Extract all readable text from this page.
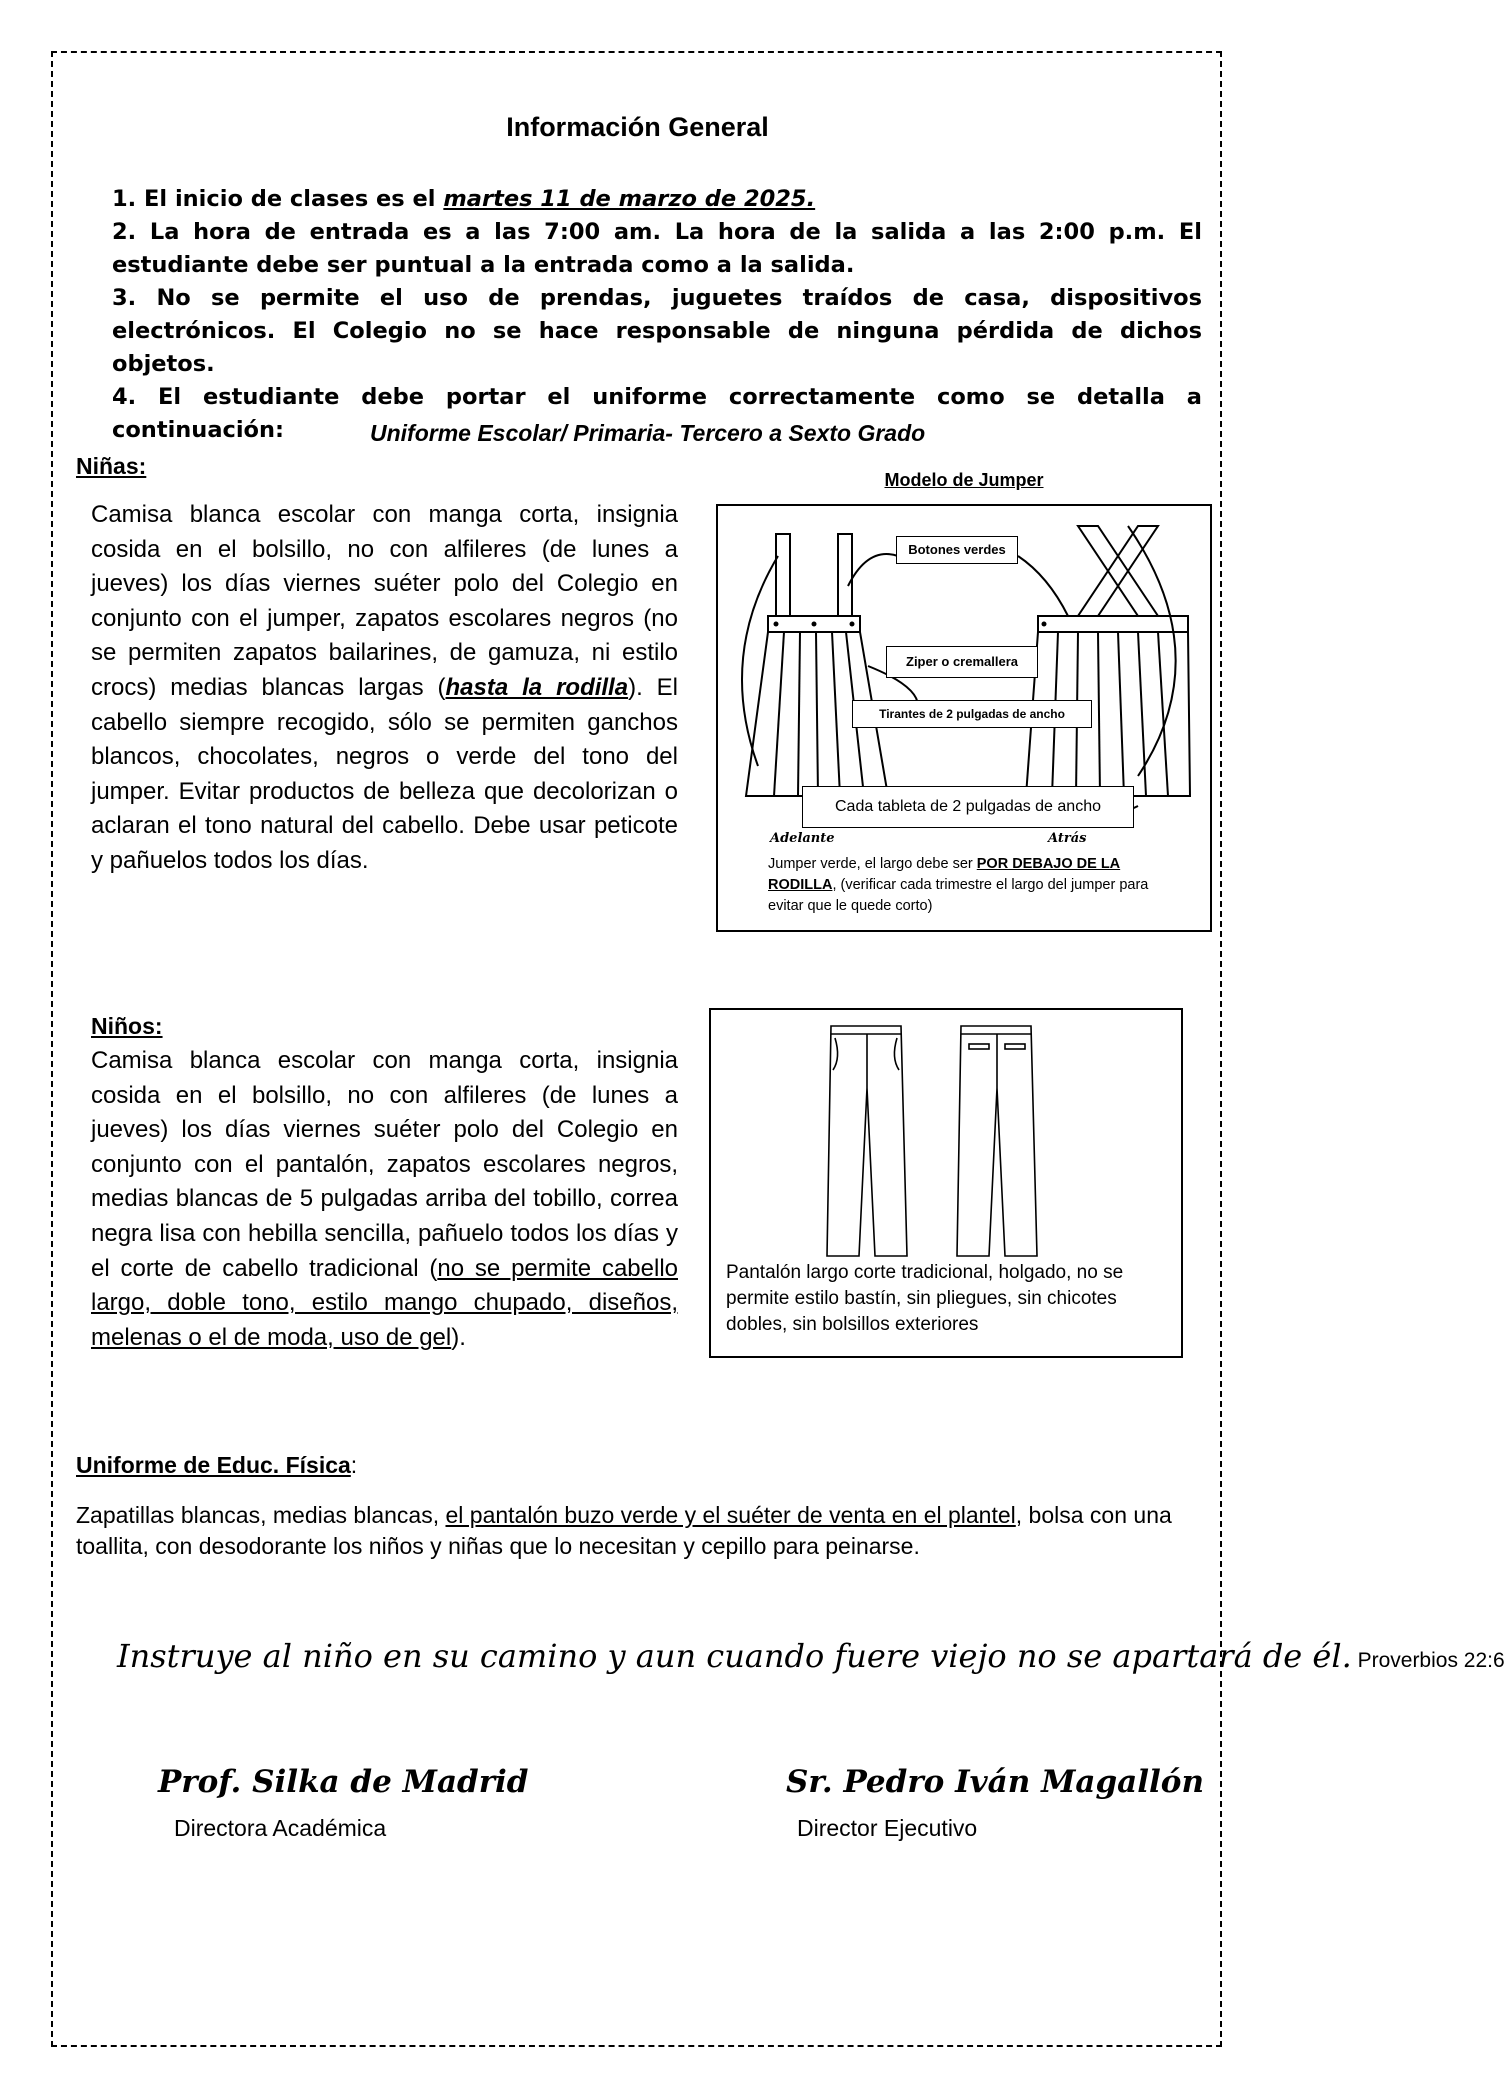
Información General

1. El inicio de clases es el martes 11 de marzo de 2025.

2. La hora de entrada es a las 7:00 am. La hora de la salida a las 2:00 p.m. El estudiante debe ser puntual a la entrada como a la salida.

3. No se permite el uso de prendas, juguetes traídos de casa, dispositivos electrónicos. El Colegio no se hace responsable de ninguna pérdida de dichos objetos.

4. El estudiante debe portar el uniforme correctamente como se detalla a continuación:	Uniforme Escolar/ Primaria- Tercero a Sexto Grado
Niñas:
Camisa blanca escolar con manga corta, insignia cosida en el bolsillo, no con alfileres (de lunes a jueves) los días viernes suéter polo del Colegio en conjunto con el jumper, zapatos escolares negros (no se permiten zapatos bailarines, de gamuza, ni estilo crocs) medias blancas largas (hasta la rodilla). El cabello siempre recogido, sólo se permiten ganchos blancos, chocolates, negros o verde del tono del jumper. Evitar productos de belleza que decolorizan o aclaran el tono natural del cabello. Debe usar peticote y pañuelos todos los días.
Modelo de Jumper
Botones verdes
Ziper o cremallera
Tirantes de 2 pulgadas de ancho
Cada tableta de 2 pulgadas de ancho
Adelante	Atrás
Jumper verde, el largo debe ser POR DEBAJO DE LA RODILLA, (verificar cada trimestre el largo del jumper para evitar que le quede corto)
Niños:
Camisa blanca escolar con manga corta, insignia cosida en el bolsillo, no con alfileres (de lunes a jueves) los días viernes suéter polo del Colegio en conjunto con el pantalón, zapatos escolares negros, medias blancas de 5 pulgadas arriba del tobillo, correa negra lisa con hebilla sencilla, pañuelo todos los días y el corte de cabello tradicional (no se permite cabello largo, doble tono, estilo mango chupado, diseños, melenas o el de moda, uso de gel).
Pantalón largo corte tradicional, holgado, no se permite estilo bastín, sin pliegues, sin chicotes dobles, sin bolsillos exteriores
Uniforme de Educ. Física:
Zapatillas blancas, medias blancas, el pantalón buzo verde y el suéter de venta en el plantel, bolsa con una toallita, con desodorante los niños y niñas que lo necesitan y cepillo para peinarse.
Instruye al niño en su camino y aun cuando fuere viejo no se apartará de él. Proverbios 22:6
Prof. Silka de Madrid
Directora Académica
Sr. Pedro Iván Magallón
Director Ejecutivo
